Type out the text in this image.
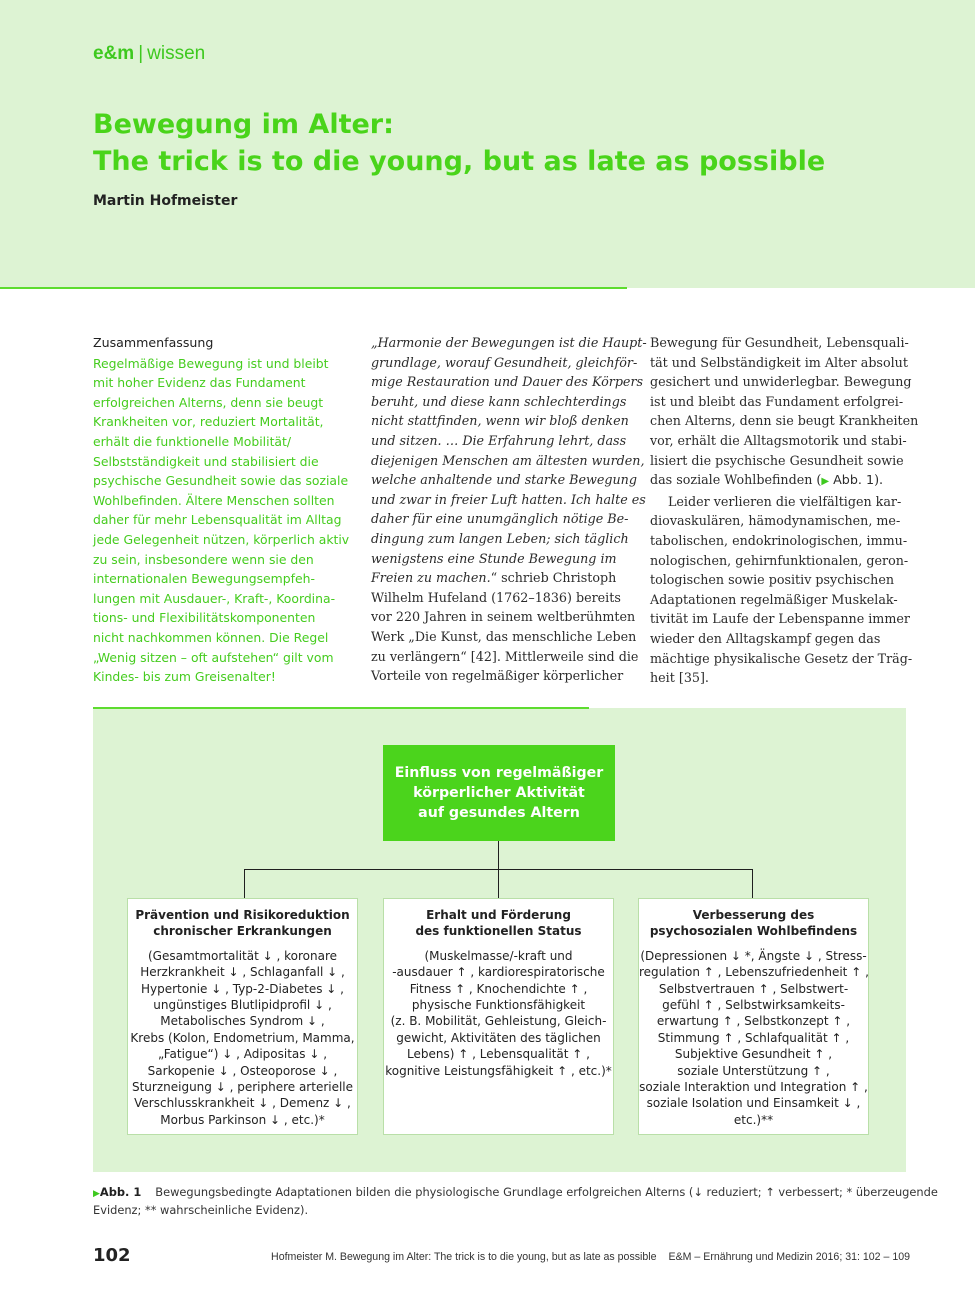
e&m | wissen
Bewegung im Alter:
The trick is to die young, but as late as possible
Martin Hofmeister
Zusammenfassung
Regelmäßige Bewegung ist und bleibt
mit hoher Evidenz das Fundament
erfolgreichen Alterns, denn sie beugt
Krankheiten vor, reduziert Mortalität,
erhält die funktionelle Mobilität/
Selbstständigkeit und stabilisiert die
psychische Gesundheit sowie das soziale
Wohlbefinden. Ältere Menschen sollten
daher für mehr Lebensqualität im Alltag
jede Gelegenheit nützen, körperlich aktiv
zu sein, insbesondere wenn sie den
internationalen Bewegungsempfeh-
lungen mit Ausdauer-, Kraft-, Koordina-
tions- und Flexibilitätskomponenten
nicht nachkommen können. Die Regel
„Wenig sitzen – oft aufstehen“ gilt vom
Kindes- bis zum Greisenalter!
„Harmonie der Bewegungen ist die Haupt-
grundlage, worauf Gesundheit, gleichför-
mige Restauration und Dauer des Körpers
beruht, und diese kann schlechterdings
nicht stattfinden, wenn wir bloß denken
und sitzen. … Die Erfahrung lehrt, dass
diejenigen Menschen am ältesten wurden,
welche anhaltende und starke Bewegung
und zwar in freier Luft hatten. Ich halte es
daher für eine unumgänglich nötige Be-
dingung zum langen Leben; sich täglich
wenigstens eine Stunde Bewegung im
Freien zu machen.“ schrieb Christoph
Wilhelm Hufeland (1762–1836) bereits
vor 220 Jahren in seinem weltberühmten
Werk „Die Kunst, das menschliche Leben
zu verlängern“ [42]. Mittlerweile sind die
Vorteile von regelmäßiger körperlicher
Bewegung für Gesundheit, Lebensquali-
tät und Selbständigkeit im Alter absolut
gesichert und unwiderlegbar. Bewegung
ist und bleibt das Fundament erfolgrei-
chen Alterns, denn sie beugt Krankheiten
vor, erhält die Alltagsmotorik und stabi-
lisiert die psychische Gesundheit sowie
das soziale Wohlbefinden (▶ Abb. 1).
Leider verlieren die vielfältigen kar-
diovaskulären, hämodynamischen, me-
tabolischen, endokrinologischen, immu-
nologischen, gehirnfunktionalen, geron-
tologischen sowie positiv psychischen
Adaptationen regelmäßiger Muskelak-
tivität im Laufe der Lebenspanne immer
wieder den Alltagskampf gegen das
mächtige physikalische Gesetz der Träg-
heit [35].
Einfluss von regelmäßiger
körperlicher Aktivität
auf gesundes Altern
Prävention und Risikoreduktion
chronischer Erkrankungen
(Gesamtmortalität ↓ , koronare
Herzkrankheit ↓ , Schlaganfall ↓ ,
Hypertonie ↓ , Typ-2-Diabetes ↓ ,
ungünstiges Blutlipidprofil ↓ ,
Metabolisches Syndrom ↓ ,
Krebs (Kolon, Endometrium, Mamma,
„Fatigue“) ↓ , Adipositas ↓ ,
Sarkopenie ↓ , Osteoporose ↓ ,
Sturzneigung ↓ , periphere arterielle
Verschlusskrankheit ↓ , Demenz ↓ ,
Morbus Parkinson ↓ , etc.)*
Erhalt und Förderung
des funktionellen Status
(Muskelmasse/-kraft und
-ausdauer ↑ , kardiorespiratorische
Fitness ↑ , Knochendichte ↑ ,
physische Funktionsfähigkeit
(z. B. Mobilität, Gehleistung, Gleich-
gewicht, Aktivitäten des täglichen
Lebens) ↑ , Lebensqualität ↑ ,
kognitive Leistungsfähigkeit ↑ , etc.)*
Verbesserung des
psychosozialen Wohlbefindens
(Depressionen ↓ *, Ängste ↓ , Stress-
regulation ↑ , Lebenszufriedenheit ↑ ,
Selbstvertrauen ↑ , Selbstwert-
gefühl ↑ , Selbstwirksamkeits-
erwartung ↑ , Selbstkonzept ↑ ,
Stimmung ↑ , Schlafqualität ↑ ,
Subjektive Gesundheit ↑ ,
soziale Unterstützung ↑ ,
soziale Interaktion und Integration ↑ ,
soziale Isolation und Einsamkeit ↓ ,
etc.)**
▶Abb. 1 Bewegungsbedingte Adaptationen bilden die physiologische Grundlage erfolgreichen Alterns (↓ reduziert; ↑ verbessert; * überzeugende
Evidenz; ** wahrscheinliche Evidenz).
102	Hofmeister M. Bewegung im Alter: The trick is to die young, but as late as possible E&M – Ernährung und Medizin 2016; 31: 102 – 109
